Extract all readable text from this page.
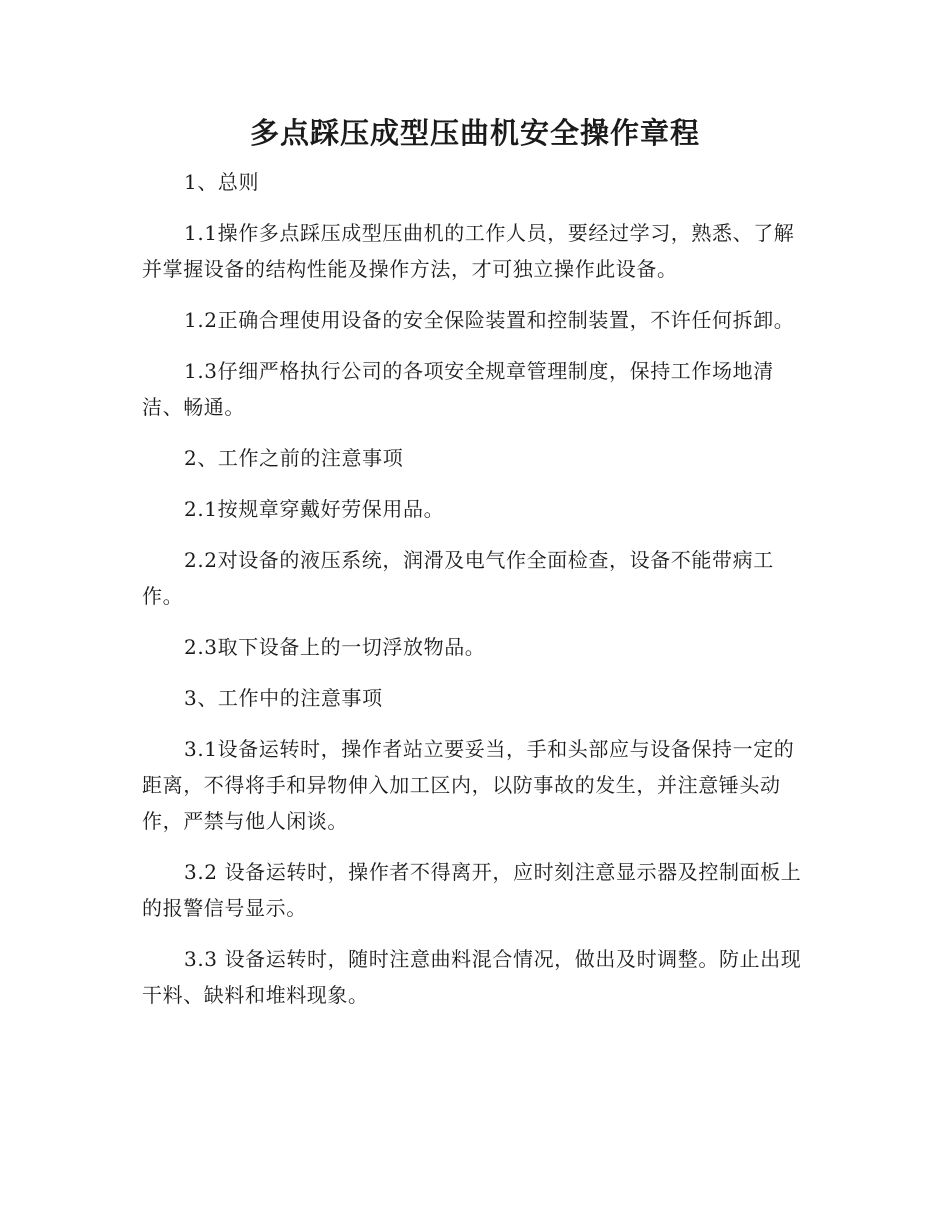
多点踩压成型压曲机安全操作章程

1、总则

1.1操作多点踩压成型压曲机的工作人员，要经过学习，熟悉、了解并掌握设备的结构性能及操作方法，才可独立操作此设备。

1.2正确合理使用设备的安全保险装置和控制装置，不许任何拆卸。

1.3仔细严格执行公司的各项安全规章管理制度，保持工作场地清洁、畅通。

2、工作之前的注意事项

2.1按规章穿戴好劳保用品。

2.2对设备的液压系统，润滑及电气作全面检查，设备不能带病工作。

2.3取下设备上的一切浮放物品。

3、工作中的注意事项

3.1设备运转时，操作者站立要妥当，手和头部应与设备保持一定的距离，不得将手和异物伸入加工区内，以防事故的发生，并注意锤头动作，严禁与他人闲谈。

3.2 设备运转时，操作者不得离开，应时刻注意显示器及控制面板上的报警信号显示。

3.3 设备运转时，随时注意曲料混合情况，做出及时调整。防止出现干料、缺料和堆料现象。
